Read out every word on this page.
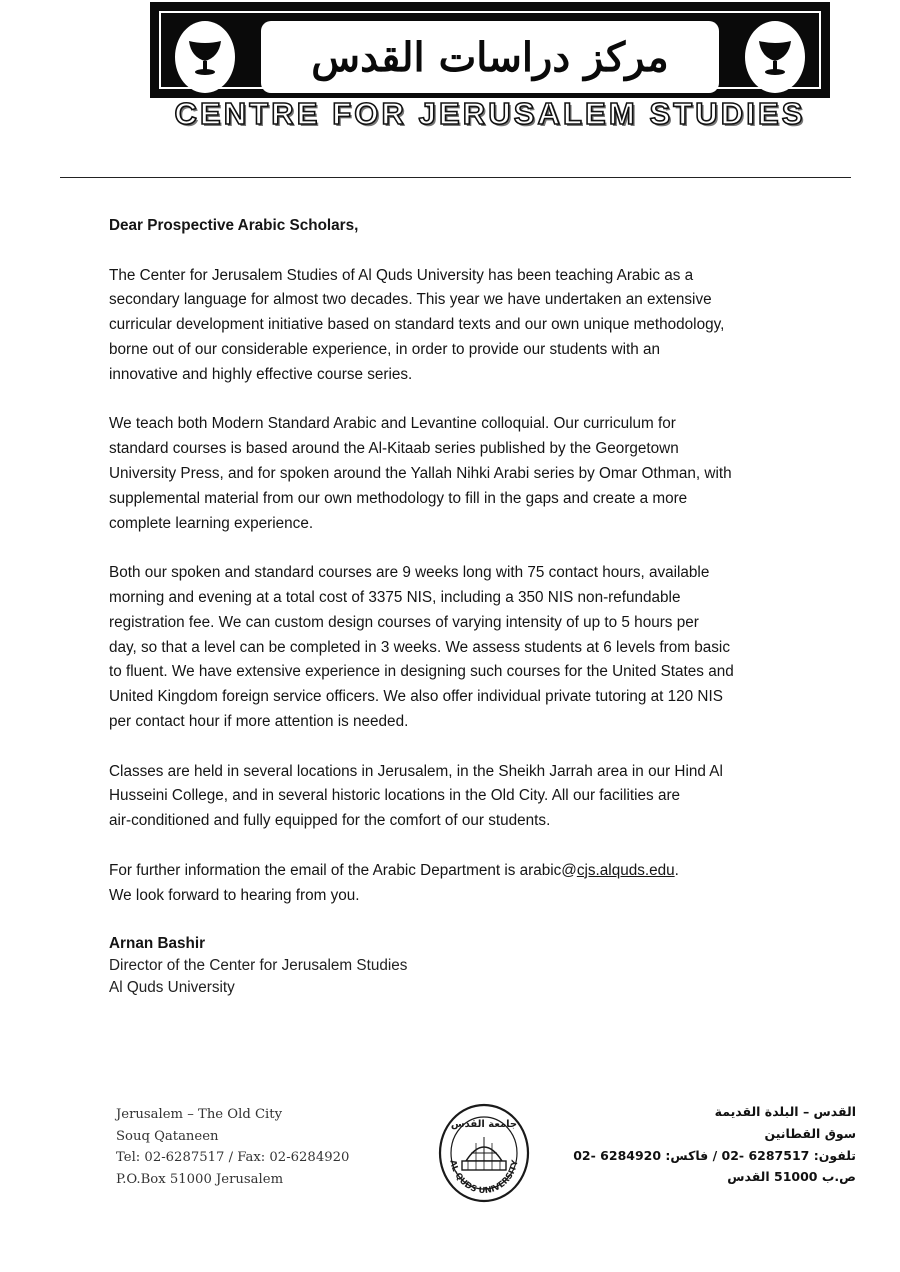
مركز دراسات القدس
CENTRE FOR JERUSALEM STUDIES
Dear Prospective Arabic Scholars,
The Center for Jerusalem Studies of Al Quds University has been teaching Arabic as a
secondary language for almost two decades. This year we have undertaken an extensive
curricular development initiative based on standard texts and our own unique methodology,
borne out of our considerable experience, in order to provide our students with an
innovative and highly effective course series.
We teach both Modern Standard Arabic and Levantine colloquial. Our curriculum for
standard courses is based around the Al-Kitaab series published by the Georgetown
University Press, and for spoken around the Yallah Nihki Arabi series by Omar Othman, with
supplemental material from our own methodology to fill in the gaps and create a more
complete learning experience.
Both our spoken and standard courses are 9 weeks long with 75 contact hours, available
morning and evening at a total cost of 3375 NIS, including a 350 NIS non-refundable
registration fee. We can custom design courses of varying intensity of up to 5 hours per
day, so that a level can be completed in 3 weeks. We assess students at 6 levels from basic
to fluent. We have extensive experience in designing such courses for the United States and
United Kingdom foreign service officers. We also offer individual private tutoring at 120 NIS
per contact hour if more attention is needed.
Classes are held in several locations in Jerusalem, in the Sheikh Jarrah area in our Hind Al
Husseini College, and in several historic locations in the Old City. All our facilities are
air-conditioned and fully equipped for the comfort of our students.
For further information the email of the Arabic Department is arabic@cjs.alquds.edu.
We look forward to hearing from you.
Arnan Bashir
Director of the Center for Jerusalem Studies
Al Quds University
Jerusalem – The Old City
Souq Qataneen
Tel: 02-6287517 / Fax: 02-6284920
P.O.Box 51000 Jerusalem
جامعة القدس
AL-QUDS UNIVERSITY
القدس – البلدة القديمة
سوق القطانين
تلفون: 6287517 -02 / فاكس: 6284920 -02
ص.ب 51000 القدس
